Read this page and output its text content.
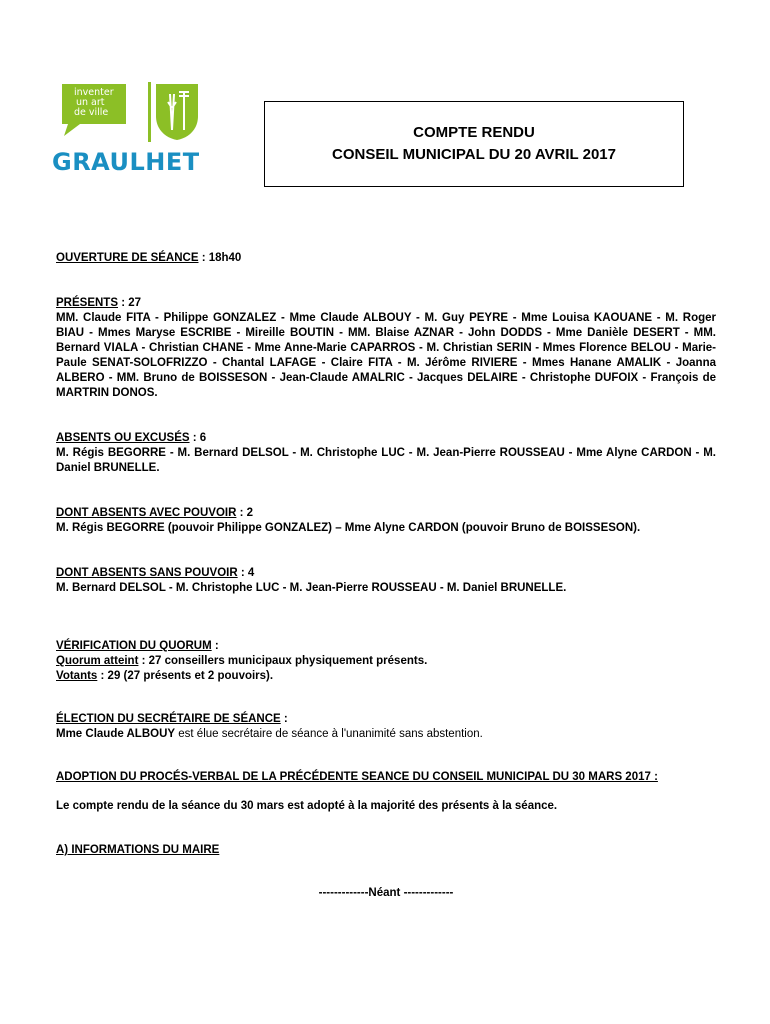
inventer
un art
de ville
GRAULHET
COMPTE RENDU
CONSEIL MUNICIPAL DU 20 AVRIL 2017

OUVERTURE DE SÉANCE : 18h40

PRÉSENTS : 27

MM. Claude FITA - Philippe GONZALEZ - Mme Claude ALBOUY - M. Guy PEYRE - Mme Louisa KAOUANE - M. Roger BIAU - Mmes Maryse ESCRIBE - Mireille BOUTIN - MM. Blaise AZNAR - John DODDS - Mme Danièle DESERT - MM. Bernard VIALA - Christian CHANE - Mme Anne-Marie CAPARROS - M. Christian SERIN - Mmes Florence BELOU - Marie-Paule SENAT-SOLOFRIZZO - Chantal LAFAGE - Claire FITA - M. Jérôme RIVIERE - Mmes Hanane AMALIK - Joanna ALBERO - MM. Bruno de BOISSESON - Jean-Claude AMALRIC - Jacques DELAIRE - Christophe DUFOIX - François de MARTRIN DONOS.

ABSENTS OU EXCUSÉS : 6

M. Régis BEGORRE - M. Bernard DELSOL - M. Christophe LUC - M. Jean-Pierre ROUSSEAU - Mme Alyne CARDON - M. Daniel BRUNELLE.

DONT ABSENTS AVEC POUVOIR : 2

M. Régis BEGORRE (pouvoir Philippe GONZALEZ) – Mme Alyne CARDON (pouvoir Bruno de BOISSESON).

DONT ABSENTS SANS POUVOIR : 4

M. Bernard DELSOL - M. Christophe LUC - M. Jean-Pierre ROUSSEAU - M. Daniel BRUNELLE.

VÉRIFICATION DU QUORUM :

Quorum atteint : 27 conseillers municipaux physiquement présents.

Votants : 29 (27 présents et 2 pouvoirs).

ÉLECTION DU SECRÉTAIRE DE SÉANCE :

Mme Claude ALBOUY est élue secrétaire de séance à l'unanimité sans abstention.

ADOPTION DU PROCÉS-VERBAL DE LA PRÉCÉDENTE SEANCE DU CONSEIL MUNICIPAL DU 30 MARS 2017 :

Le compte rendu de la séance du 30 mars est adopté à la majorité des présents à la séance.

A) INFORMATIONS DU MAIRE

-------------Néant -------------
